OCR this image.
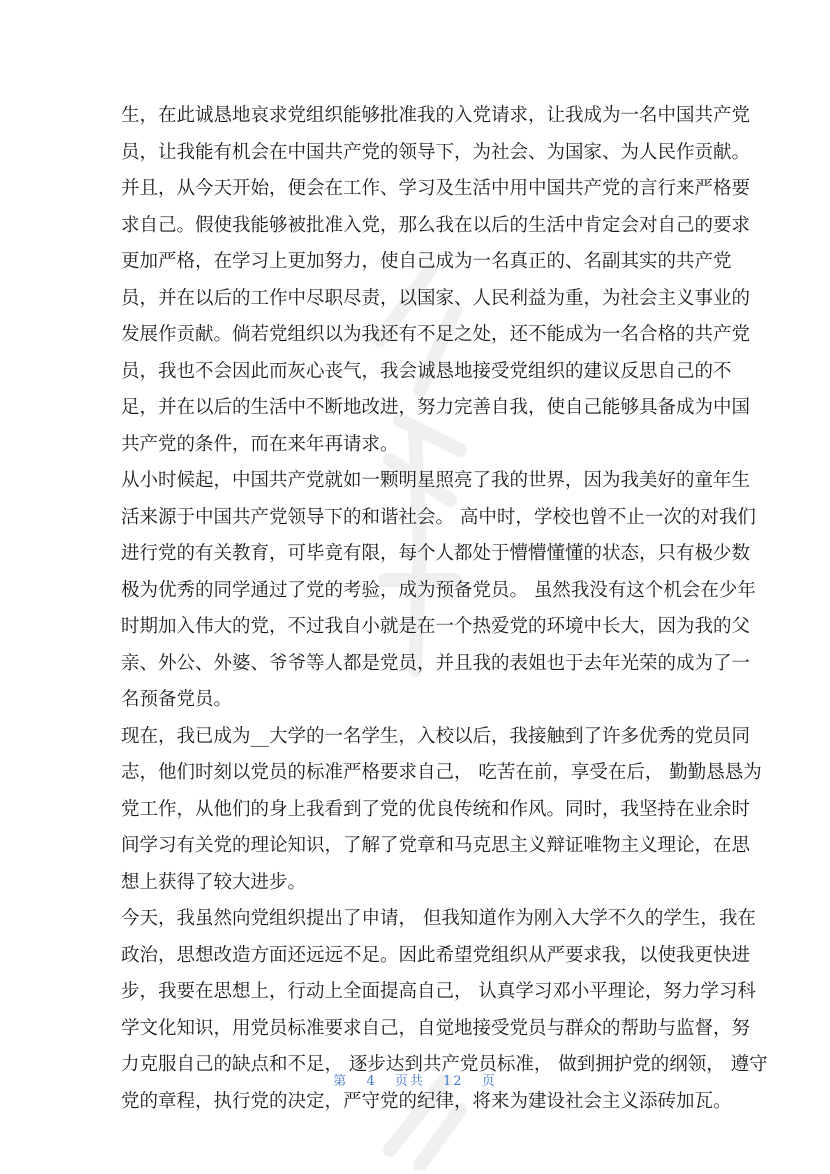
生，在此诚恳地哀求党组织能够批准我的入党请求，让我成为一名中国共产党
员，让我能有机会在中国共产党的领导下，为社会、为国家、为人民作贡献。
并且，从今天开始，便会在工作、学习及生活中用中国共产党的言行来严格要
求自己。假使我能够被批准入党，那么我在以后的生活中肯定会对自己的要求
更加严格，在学习上更加努力，使自己成为一名真正的、名副其实的共产党
员，并在以后的工作中尽职尽责，以国家、人民利益为重，为社会主义事业的
发展作贡献。倘若党组织以为我还有不足之处，还不能成为一名合格的共产党
员，我也不会因此而灰心丧气，我会诚恳地接受党组织的建议反思自己的不
足，并在以后的生活中不断地改进，努力完善自我，使自己能够具备成为中国
共产党的条件，而在来年再请求。
从小时候起，中国共产党就如一颗明星照亮了我的世界，因为我美好的童年生
活来源于中国共产党领导下的和谐社会。 高中时，学校也曾不止一次的对我们
进行党的有关教育，可毕竟有限，每个人都处于懵懵懂懂的状态，只有极少数
极为优秀的同学通过了党的考验，成为预备党员。 虽然我没有这个机会在少年
时期加入伟大的党，不过我自小就是在一个热爱党的环境中长大，因为我的父
亲、外公、外婆、爷爷等人都是党员，并且我的表姐也于去年光荣的成为了一
名预备党员。
现在，我已成为__大学的一名学生，入校以后，我接触到了许多优秀的党员同
志，他们时刻以党员的标准严格要求自己， 吃苦在前，享受在后， 勤勤恳恳为
党工作，从他们的身上我看到了党的优良传统和作风。同时，我坚持在业余时
间学习有关党的理论知识，了解了党章和马克思主义辩证唯物主义理论，在思
想上获得了较大进步。
今天，我虽然向党组织提出了申请， 但我知道作为刚入大学不久的学生，我在
政治，思想改造方面还远远不足。因此希望党组织从严要求我，以使我更快进
步，我要在思想上，行动上全面提高自己， 认真学习邓小平理论，努力学习科
学文化知识，用党员标准要求自己，自觉地接受党员与群众的帮助与监督，努
力克服自己的缺点和不足， 逐步达到共产党员标准， 做到拥护党的纲领， 遵守
党的章程，执行党的决定，严守党的纪律，将来为建设社会主义添砖加瓦。
第 4 页共 12 页
